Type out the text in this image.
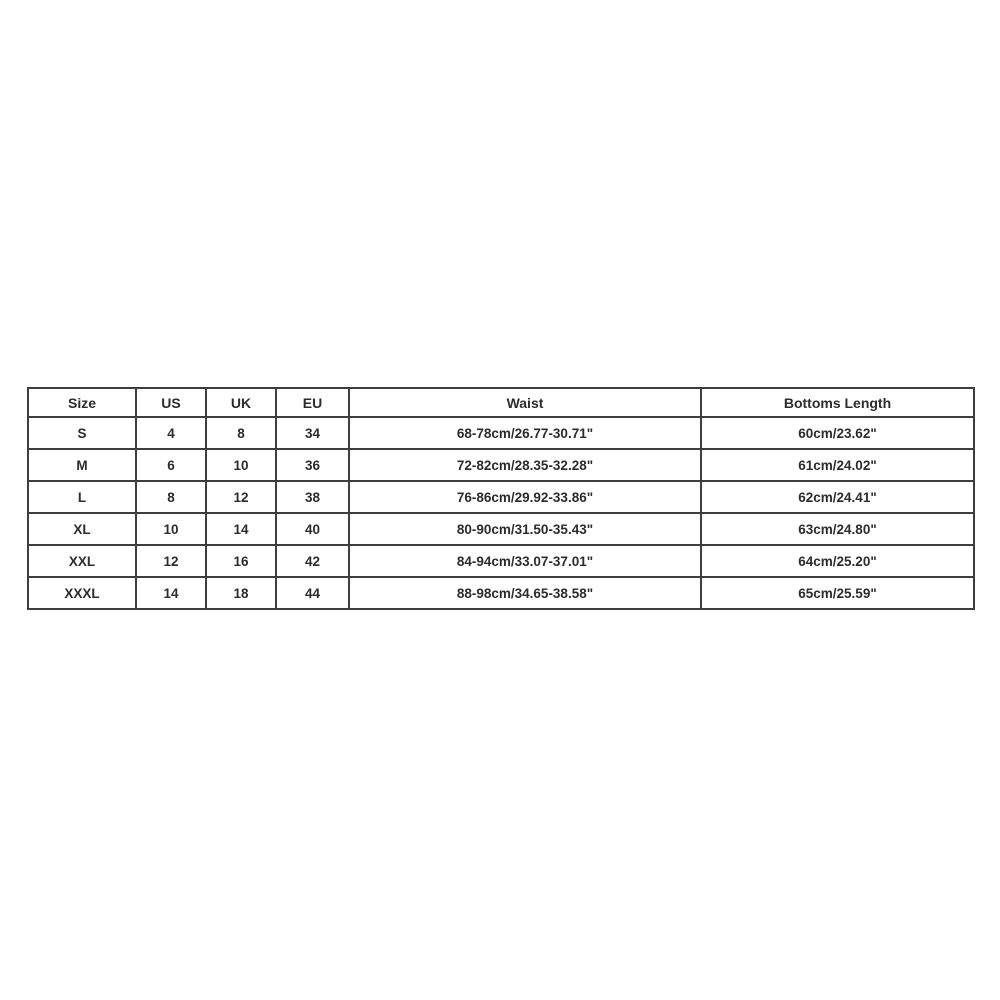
Size	US	UK	EU	Waist	Bottoms Length
S	4	8	34	68-78cm/26.77-30.71"	60cm/23.62"
M	6	10	36	72-82cm/28.35-32.28"	61cm/24.02"
L	8	12	38	76-86cm/29.92-33.86"	62cm/24.41"
XL	10	14	40	80-90cm/31.50-35.43"	63cm/24.80"
XXL	12	16	42	84-94cm/33.07-37.01"	64cm/25.20"
XXXL	14	18	44	88-98cm/34.65-38.58"	65cm/25.59"
